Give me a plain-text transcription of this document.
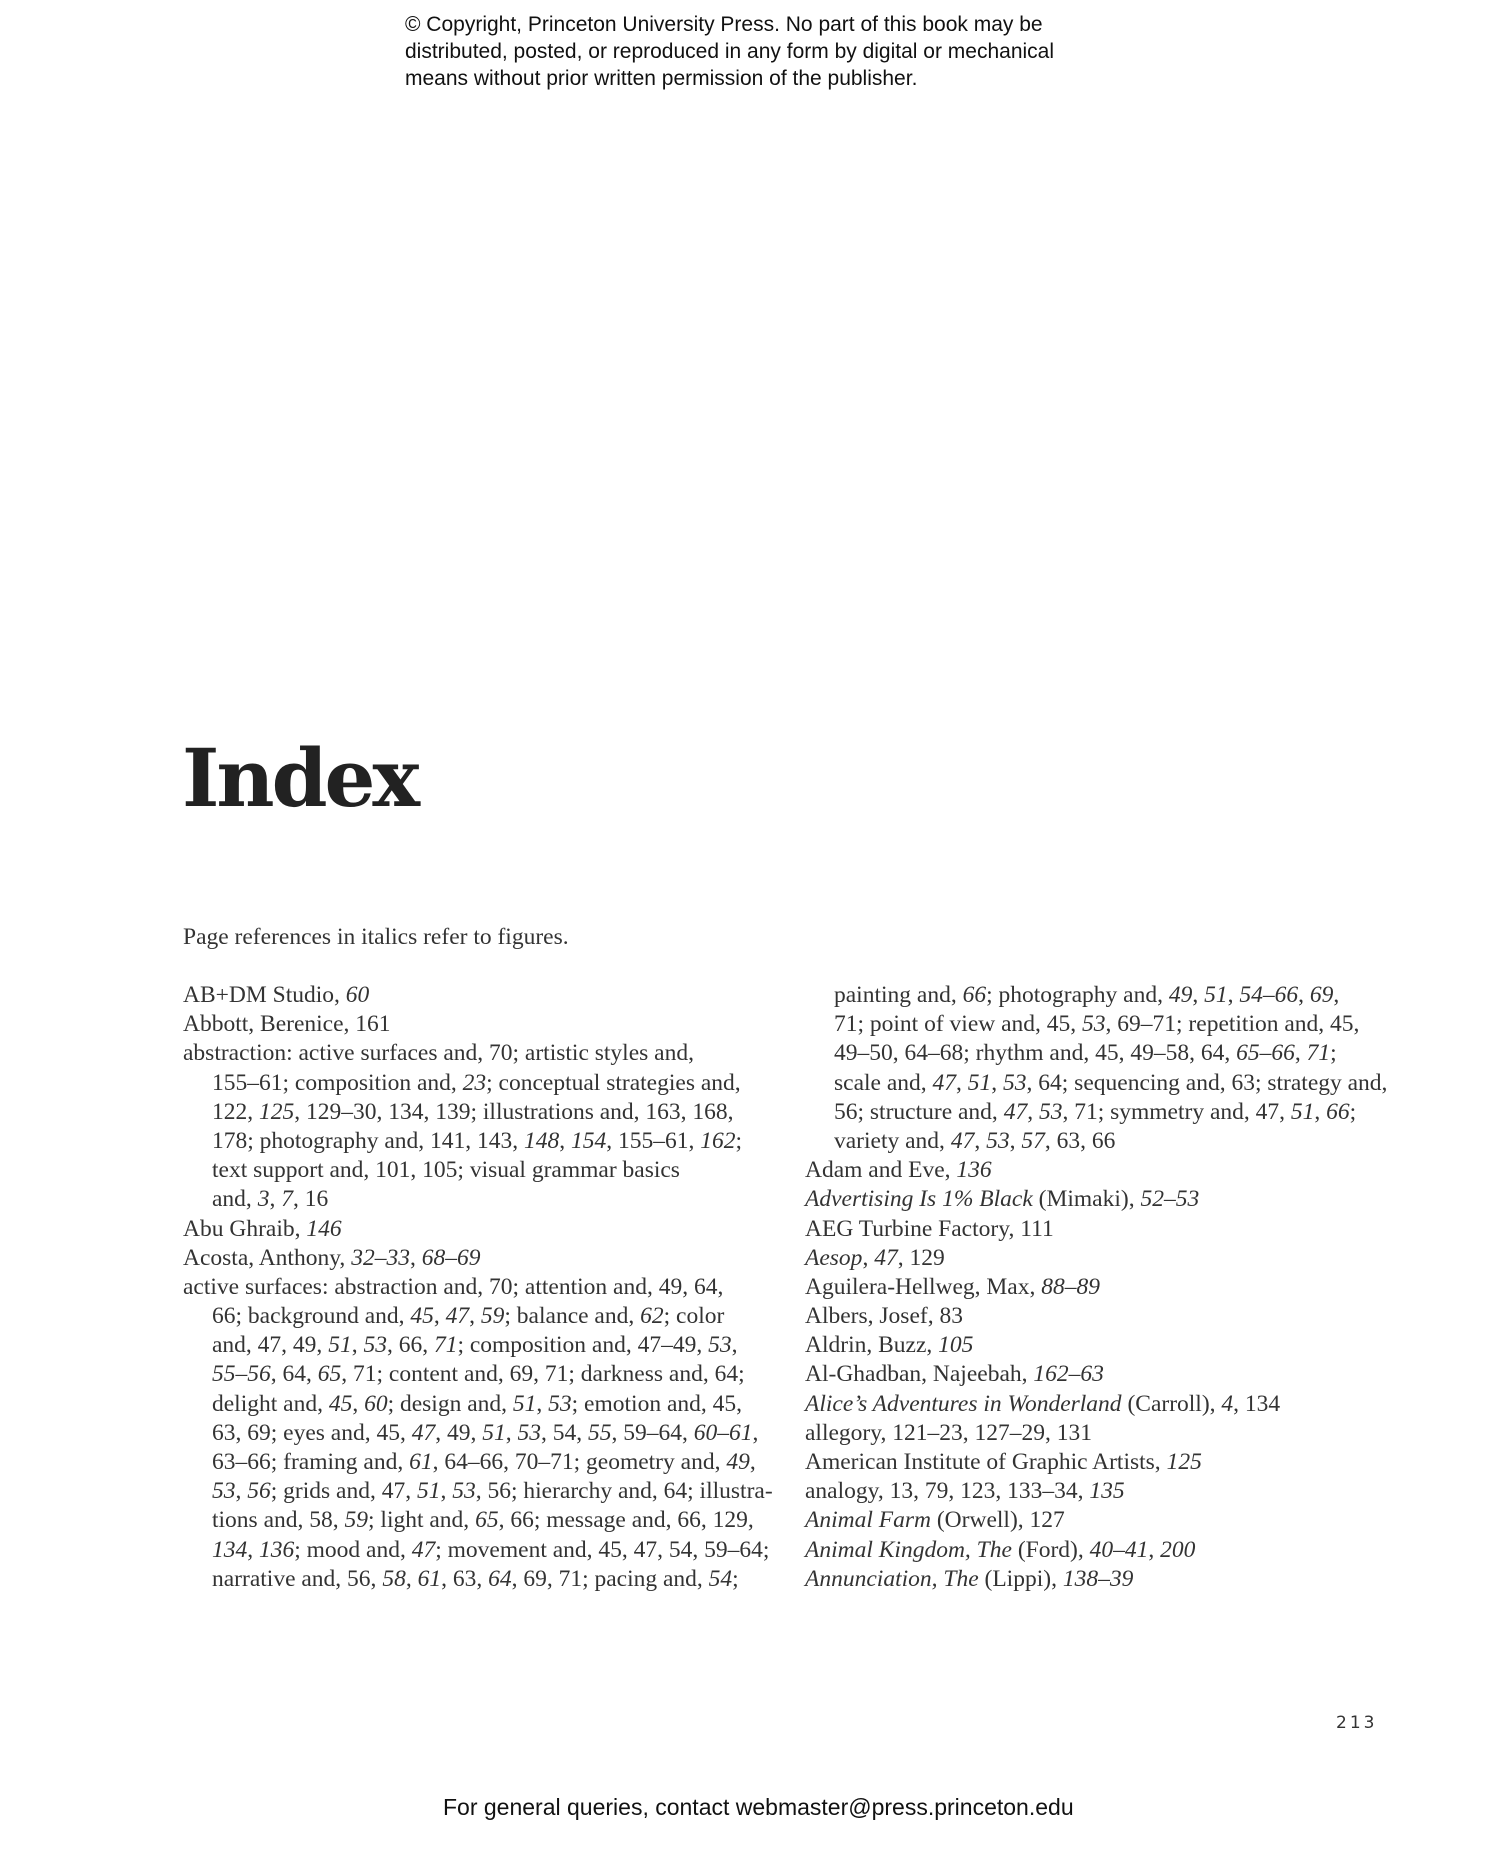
© Copyright, Princeton University Press. No part of this book may be
distributed, posted, or reproduced in any form by digital or mechanical
means without prior written permission of the publisher.
Index
Page references in italics refer to figures.
AB+DM Studio, 60
Abbott, Berenice, 161
abstraction: active surfaces and, 70; artistic styles and,
155–61; composition and, 23; conceptual strategies and,
122, 125, 129–30, 134, 139; illustrations and, 163, 168,
178; photography and, 141, 143, 148, 154, 155–61, 162;
text support and, 101, 105; visual grammar basics
and, 3, 7, 16
Abu Ghraib, 146
Acosta, Anthony, 32–33, 68–69
active surfaces: abstraction and, 70; attention and, 49, 64,
66; background and, 45, 47, 59; balance and, 62; color
and, 47, 49, 51, 53, 66, 71; composition and, 47–49, 53,
55–56, 64, 65, 71; content and, 69, 71; darkness and, 64;
delight and, 45, 60; design and, 51, 53; emotion and, 45,
63, 69; eyes and, 45, 47, 49, 51, 53, 54, 55, 59–64, 60–61,
63–66; framing and, 61, 64–66, 70–71; geometry and, 49,
53, 56; grids and, 47, 51, 53, 56; hierarchy and, 64; illustra-
tions and, 58, 59; light and, 65, 66; message and, 66, 129,
134, 136; mood and, 47; movement and, 45, 47, 54, 59–64;
narrative and, 56, 58, 61, 63, 64, 69, 71; pacing and, 54;
painting and, 66; photography and, 49, 51, 54–66, 69,
71; point of view and, 45, 53, 69–71; repetition and, 45,
49–50, 64–68; rhythm and, 45, 49–58, 64, 65–66, 71;
scale and, 47, 51, 53, 64; sequencing and, 63; strategy and,
56; structure and, 47, 53, 71; symmetry and, 47, 51, 66;
variety and, 47, 53, 57, 63, 66
Adam and Eve, 136
Advertising Is 1% Black (Mimaki), 52–53
AEG Turbine Factory, 111
Aesop, 47, 129
Aguilera-Hellweg, Max, 88–89
Albers, Josef, 83
Aldrin, Buzz, 105
Al-Ghadban, Najeebah, 162–63
Alice’s Adventures in Wonderland (Carroll), 4, 134
allegory, 121–23, 127–29, 131
American Institute of Graphic Artists, 125
analogy, 13, 79, 123, 133–34, 135
Animal Farm (Orwell), 127
Animal Kingdom, The (Ford), 40–41, 200
Annunciation, The (Lippi), 138–39
213
For general queries, contact webmaster@press.princeton.edu
